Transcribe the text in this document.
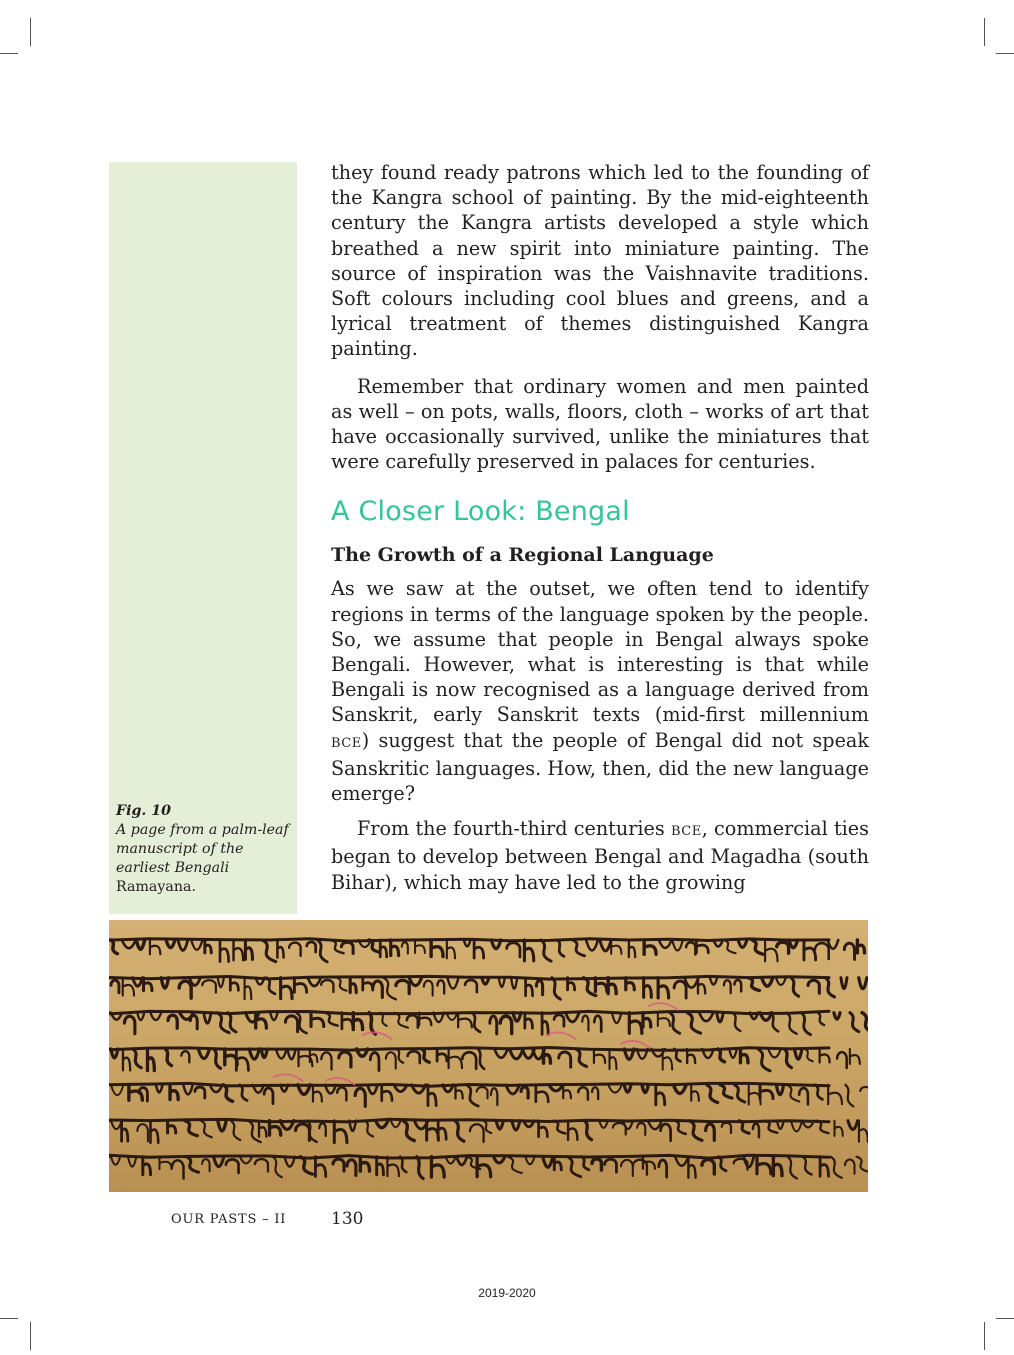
Fig. 10
A page from a palm-leaf manuscript of the earliest Bengali Ramayana.

they found ready patrons which led to the founding of the Kangra school of painting. By the mid-eighteenth century the Kangra artists developed a style which breathed a new spirit into miniature painting. The source of inspiration was the Vaishnavite traditions. Soft colours including cool blues and greens, and a lyrical treatment of themes distinguished Kangra painting.

Remember that ordinary women and men painted as well – on pots, walls, floors, cloth – works of art that have occasionally survived, unlike the miniatures that were carefully preserved in palaces for centuries.

A Closer Look: Bengal
The Growth of a Regional Language

As we saw at the outset, we often tend to identify regions in terms of the language spoken by the people. So, we assume that people in Bengal always spoke Bengali. However, what is interesting is that while Bengali is now recognised as a language derived from Sanskrit, early Sanskrit texts (mid-first millennium BCE) suggest that the people of Bengal did not speak Sanskritic languages. How, then, did the new language emerge?

From the fourth-third centuries BCE, commercial ties began to develop between Bengal and Magadha (south Bihar), which may have led to the growing

OUR PASTS – II	130
2019-2020
